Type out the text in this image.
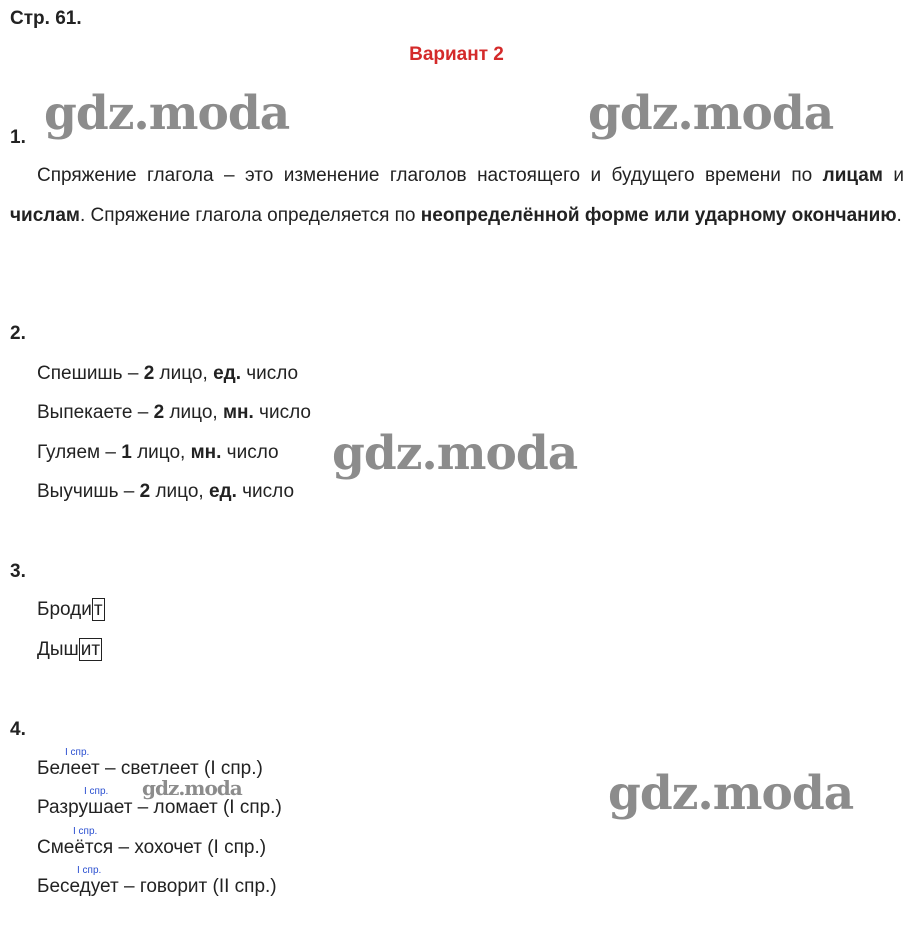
Стр. 61.
Вариант 2
gdz.moda	gdz.moda
gdz.moda
gdz.moda
gdz.moda
1.
Спряжение глагола – это изменение глаголов настоящего и будущего времени по лицам и числам. Спряжение глагола определяется по неопределённой форме или ударному окончанию.
2.
Спешишь – 2 лицо, ед. число
Выпекаете – 2 лицо, мн. число
Гуляем – 1 лицо, мн. число
Выучишь – 2 лицо, ед. число
3.
Броди т
Дыш ит
4.
I спр.
Белеет – светлеет (I спр.)
I спр.
Разрушает – ломает (I спр.)
I спр.
Смеётся – хохочет (I спр.)
I спр.
Беседует – говорит (II спр.)
